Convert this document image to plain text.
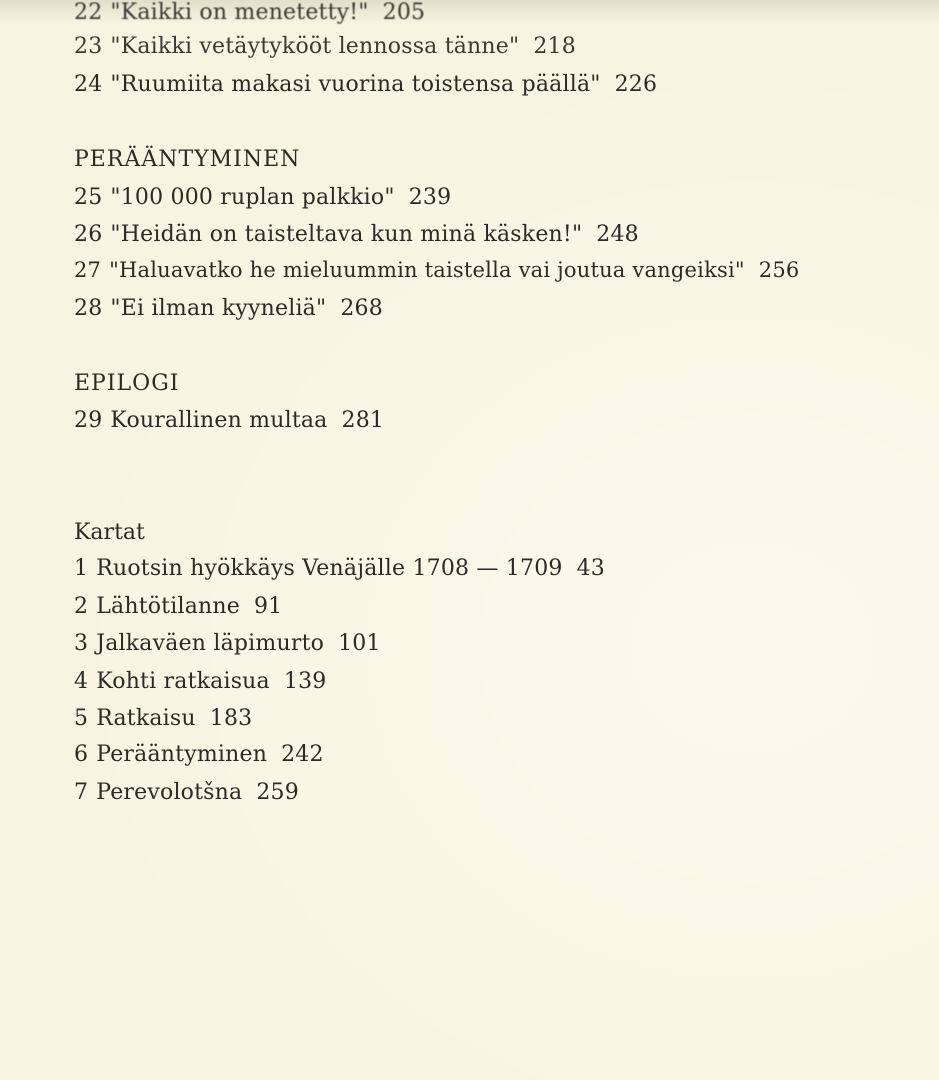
22 "Kaikki on menetetty!" 205
23 "Kaikki vetäytykööt lennossa tänne" 218
24 "Ruumiita makasi vuorina toistensa päällä" 226
PERÄÄNTYMINEN
25 "100 000 ruplan palkkio" 239
26 "Heidän on taisteltava kun minä käsken!" 248
27 "Haluavatko he mieluummin taistella vai joutua vangeiksi" 256
28 "Ei ilman kyyneliä" 268
EPILOGI
29 Kourallinen multaa 281
Kartat
1 Ruotsin hyökkäys Venäjälle 1708 — 1709 43
2 Lähtötilanne 91
3 Jalkaväen läpimurto 101
4 Kohti ratkaisua 139
5 Ratkaisu 183
6 Perääntyminen 242
7 Perevolotšna 259
